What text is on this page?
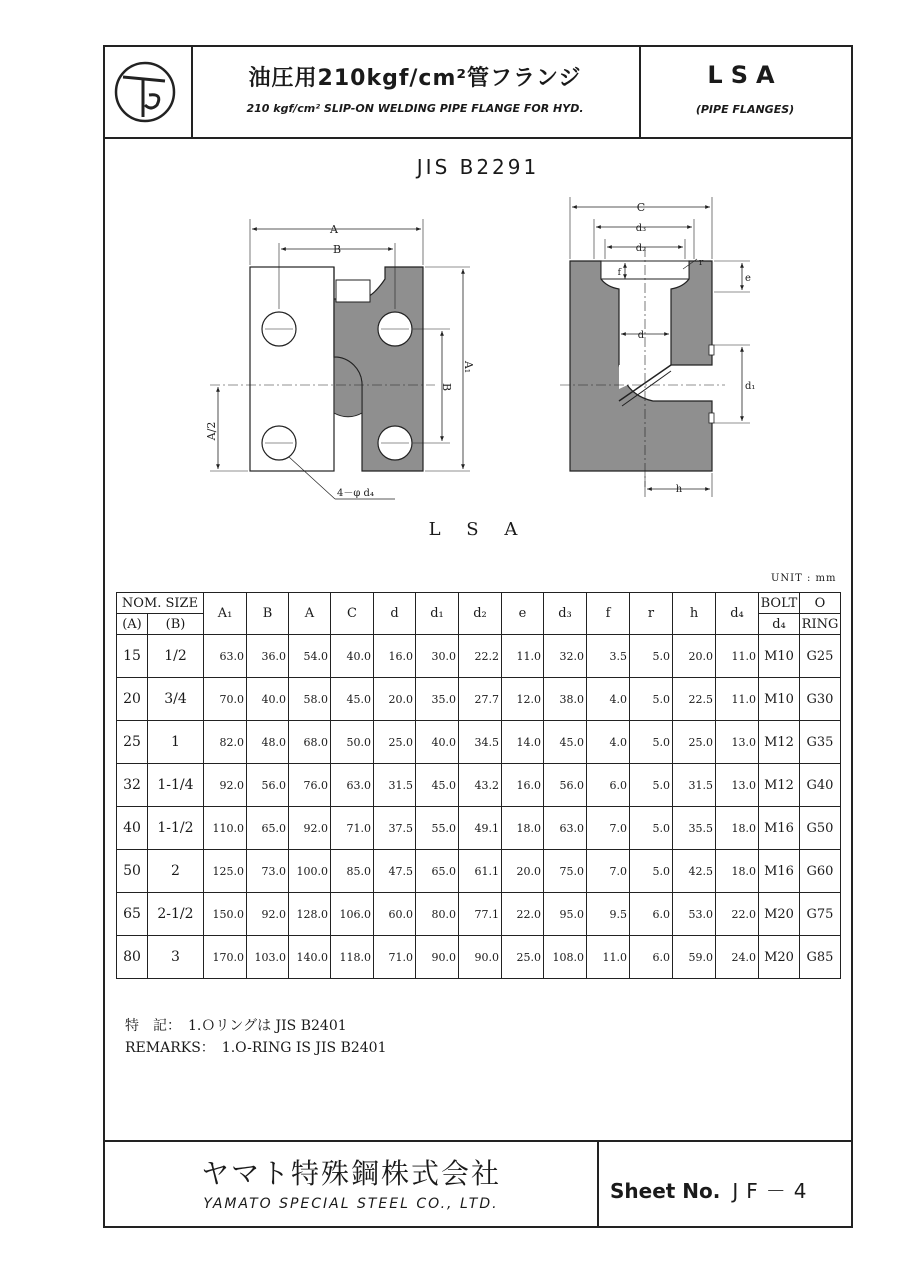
油圧用210kgf/cm²管フランジ
210 kgf/cm² SLIP-ON WELDING PIPE FLANGE FOR HYD.
LSA
(PIPE FLANGES)
JIS B2291
A
B
B
A₁
A/2
4－φ d₄
C
d₃
d₂
f
r
e
d
d₁
h
L S A
UNIT : mm
NOM. SIZE		A₁	B	A	C	d	d₁	d₂	e	d₃	f	r	h	d₄	BOLT	O
(A)	(B)														d₄	RING
15	1/2	63.0	36.0	54.0	40.0	16.0	30.0	22.2	11.0	32.0	3.5	5.0	20.0	11.0	M10	G25
20	3/4	70.0	40.0	58.0	45.0	20.0	35.0	27.7	12.0	38.0	4.0	5.0	22.5	11.0	M10	G30
25	1	82.0	48.0	68.0	50.0	25.0	40.0	34.5	14.0	45.0	4.0	5.0	25.0	13.0	M12	G35
32	1-1/4	92.0	56.0	76.0	63.0	31.5	45.0	43.2	16.0	56.0	6.0	5.0	31.5	13.0	M12	G40
40	1-1/2	110.0	65.0	92.0	71.0	37.5	55.0	49.1	18.0	63.0	7.0	5.0	35.5	18.0	M16	G50
50	2	125.0	73.0	100.0	85.0	47.5	65.0	61.1	20.0	75.0	7.0	5.0	42.5	18.0	M16	G60
65	2-1/2	150.0	92.0	128.0	106.0	60.0	80.0	77.1	22.0	95.0	9.5	6.0	53.0	22.0	M20	G75
80	3	170.0	103.0	140.0	118.0	71.0	90.0	90.0	25.0	108.0	11.0	6.0	59.0	24.0	M20	G85
特　記：　1.Ｏリングは JIS B2401
REMARKS：　1.O-RING IS JIS B2401
ヤマト特殊鋼株式会社
YAMATO SPECIAL STEEL CO., LTD.
Sheet No. JF－4
